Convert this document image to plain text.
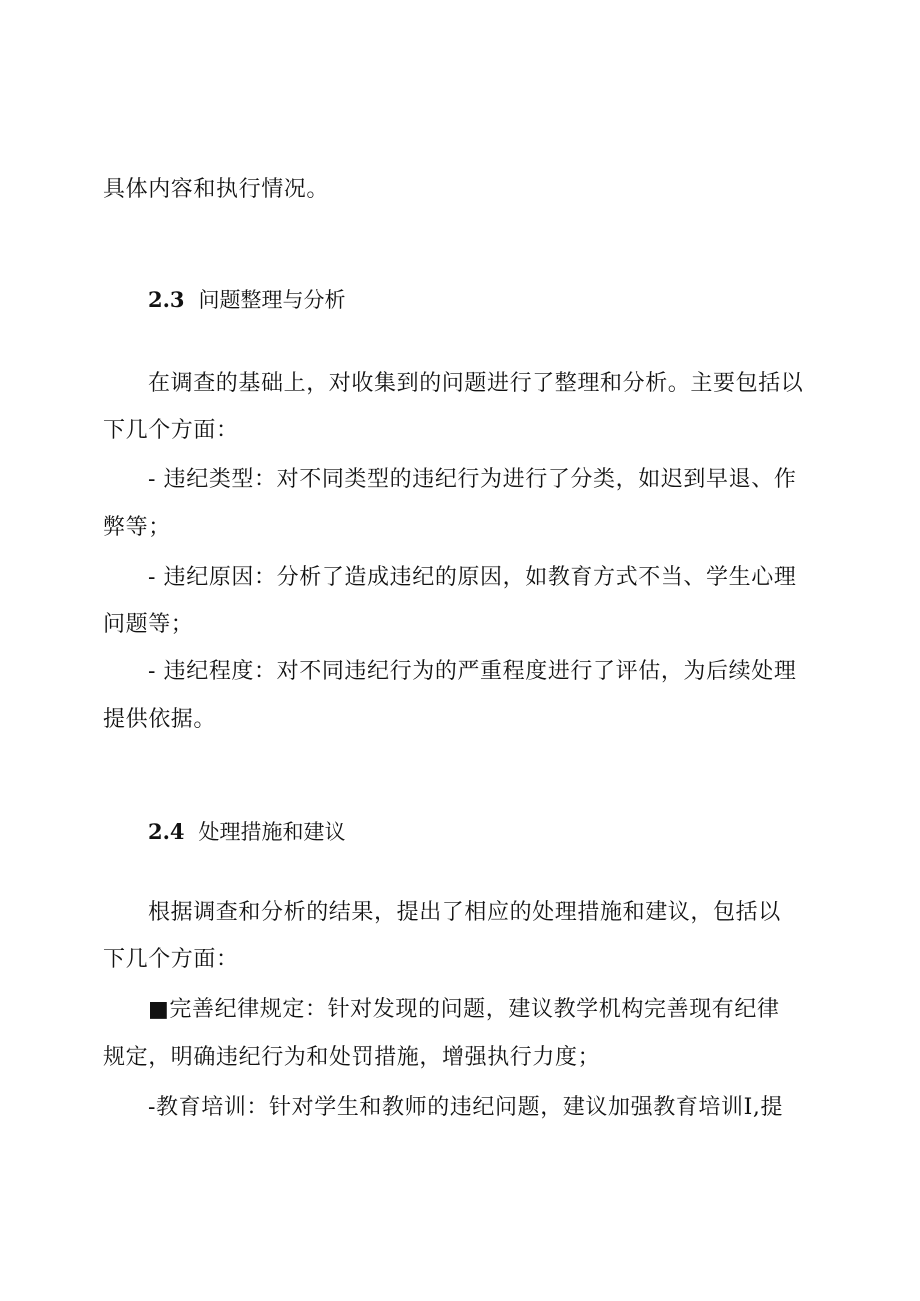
具体内容和执行情况。
2.3 问题整理与分析
在调查的基础上，对收集到的问题进行了整理和分析。主要包括以
下几个方面：
- 违纪类型：对不同类型的违纪行为进行了分类，如迟到早退、作
弊等；
- 违纪原因：分析了造成违纪的原因，如教育方式不当、学生心理
问题等；
- 违纪程度：对不同违纪行为的严重程度进行了评估，为后续处理
提供依据。
2.4 处理措施和建议
根据调查和分析的结果，提出了相应的处理措施和建议，包括以
下几个方面：
■完善纪律规定：针对发现的问题，建议教学机构完善现有纪律
规定，明确违纪行为和处罚措施，增强执行力度；
-教育培训：针对学生和教师的违纪问题，建议加强教育培训Ⅰ,提
